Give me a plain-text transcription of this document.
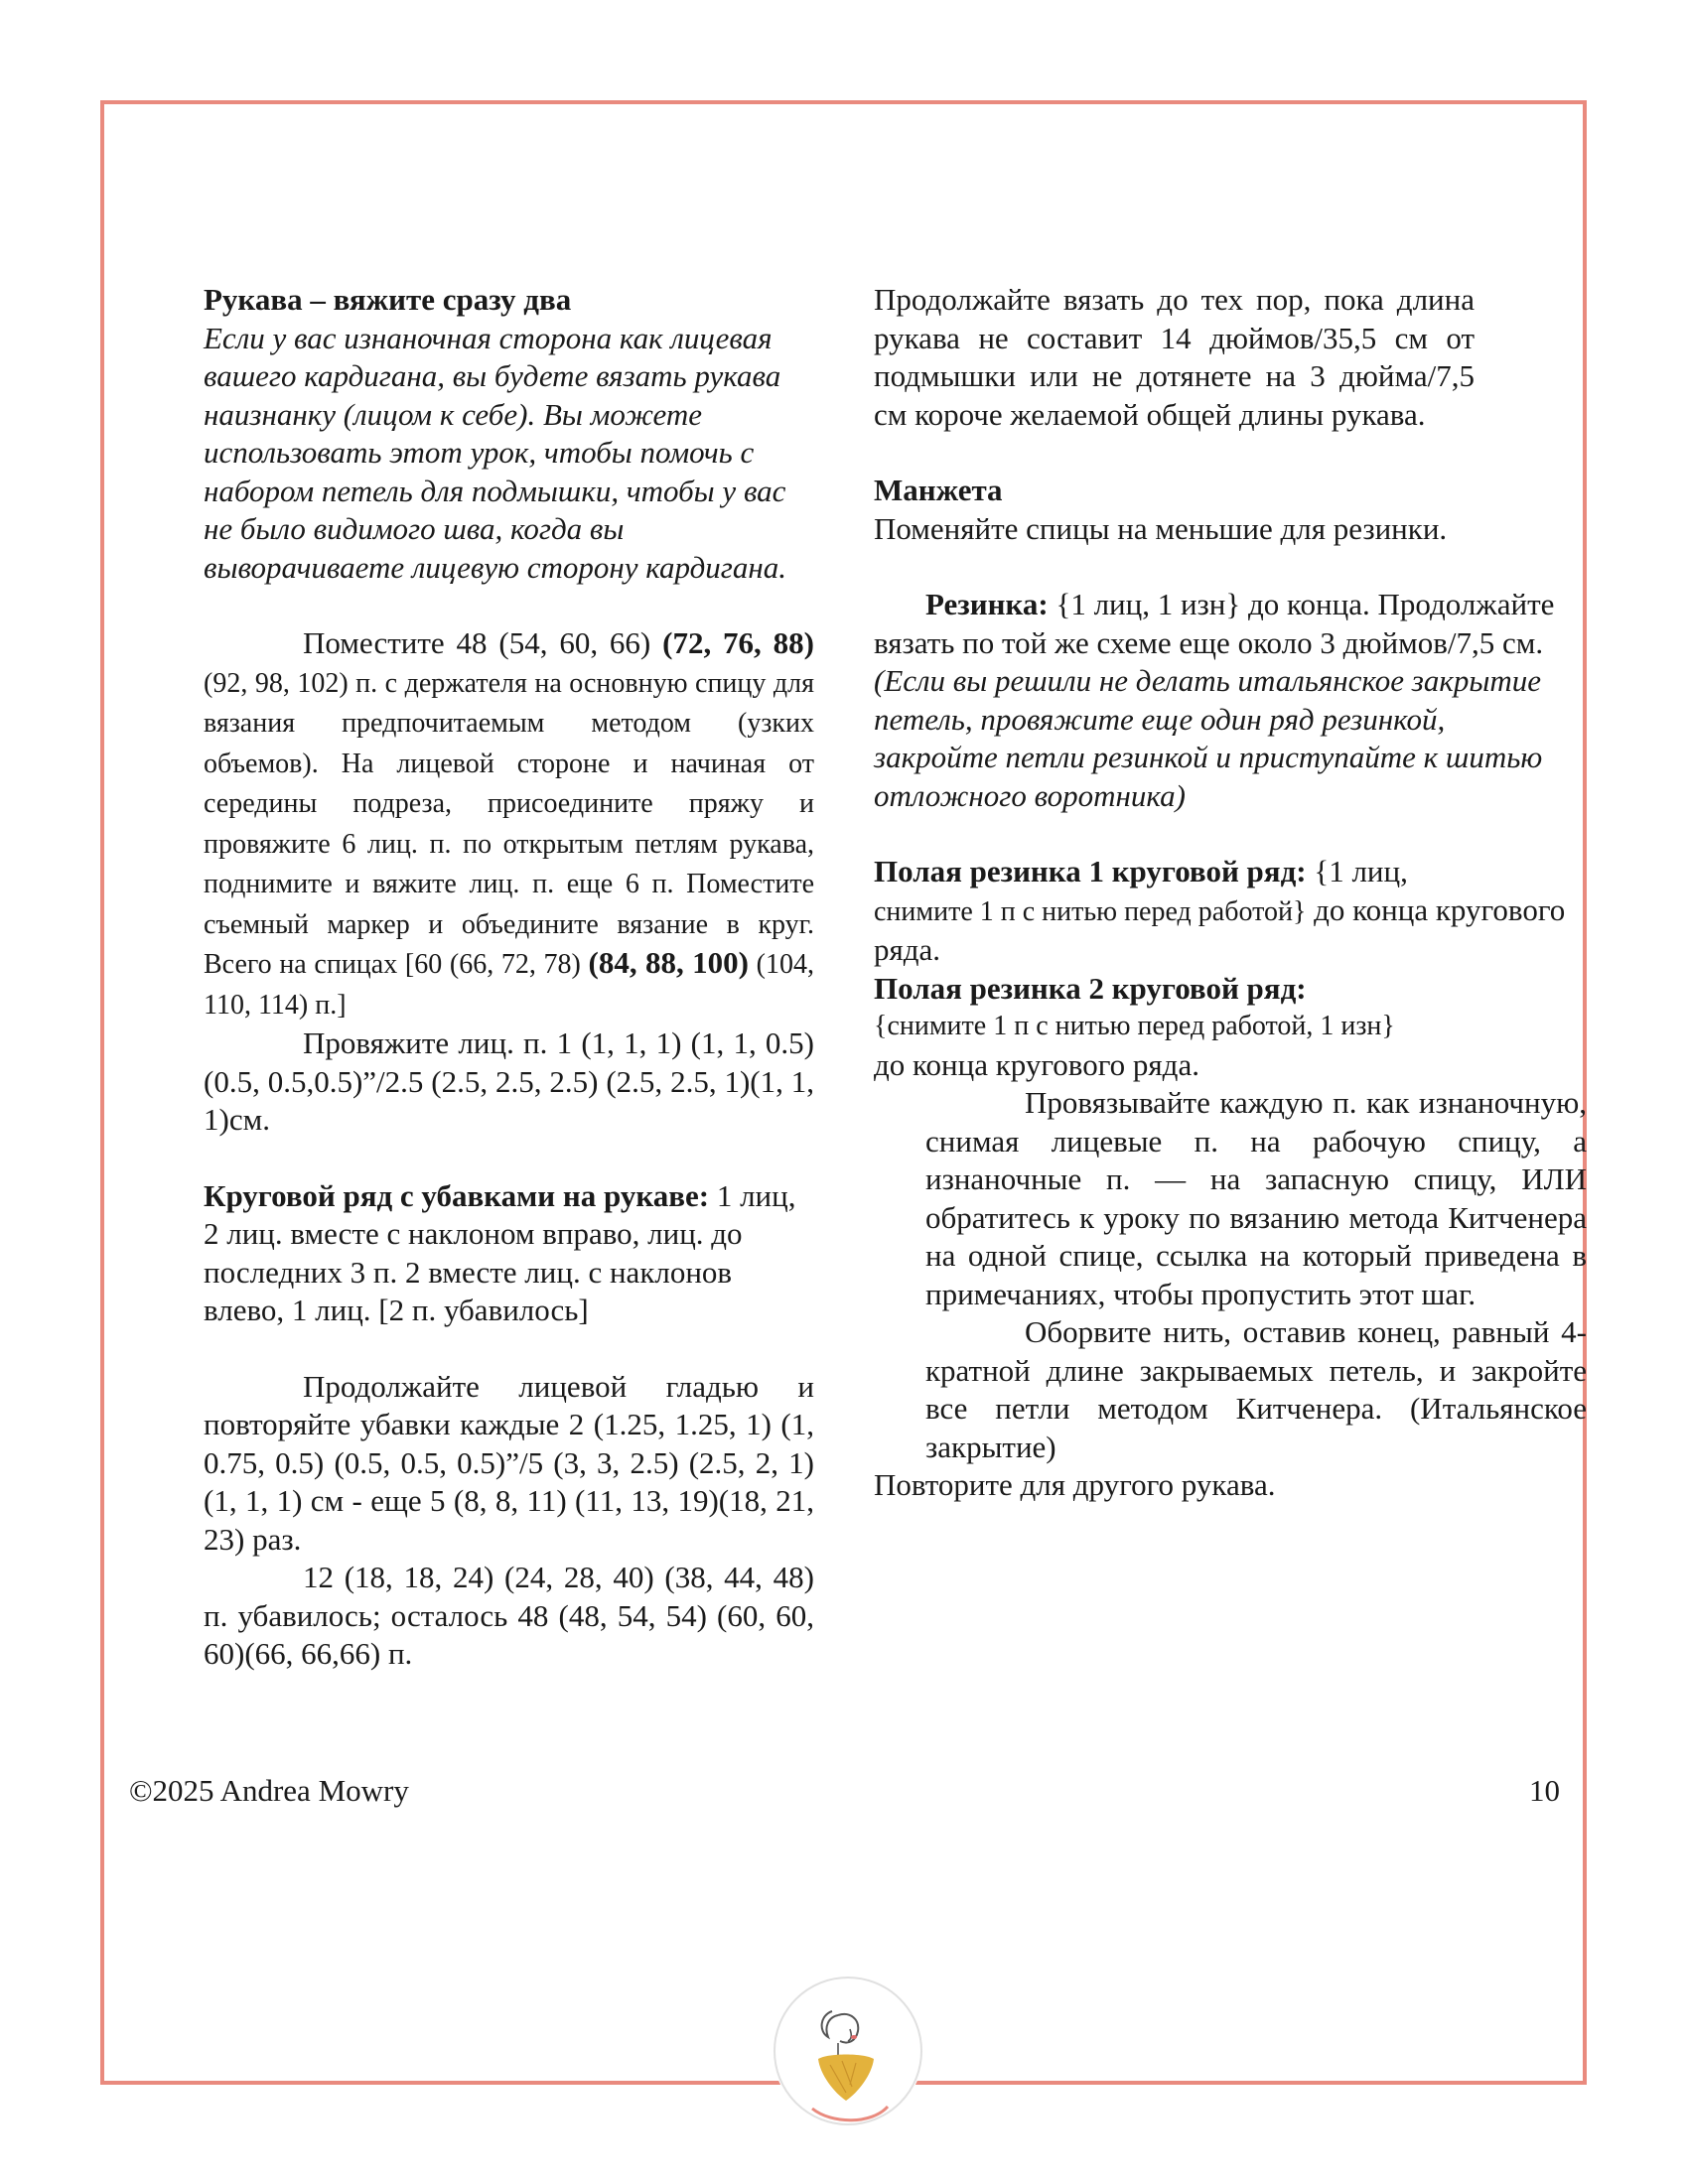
Рукава – вяжите сразу два

Если у вас изнаночная сторона как лицевая вашего кардигана, вы будете вязать рукава наизнанку (лицом к себе). Вы можете использовать этот урок, чтобы помочь с набором петель для подмышки, чтобы у вас не было видимого шва, когда вы выворачиваете лицевую сторону кардигана.

Поместите 48 (54, 60, 66) (72, 76, 88) (92, 98, 102) п. с держателя на основную спицу для вязания предпочитаемым методом (узких объемов). На лицевой стороне и начиная от середины подреза, присоедините пряжу и провяжите 6 лиц. п. по открытым петлям рукава, поднимите и вяжите лиц. п. еще 6 п. Поместите съемный маркер и объедините вязание в круг. Всего на спицах [60 (66, 72, 78) (84, 88, 100) (104, 110, 114) п.]

Провяжите лиц. п. 1 (1, 1, 1) (1, 1, 0.5) (0.5, 0.5,0.5)”/2.5 (2.5, 2.5, 2.5) (2.5, 2.5, 1)(1, 1, 1)см.

Круговой ряд с убавками на рукаве: 1 лиц, 2 лиц. вместе с наклоном вправо, лиц. до последних 3 п. 2 вместе лиц. с наклонов влево, 1 лиц. [2 п. убавилось]

Продолжайте лицевой гладью и повторяйте убавки каждые 2 (1.25, 1.25, 1) (1, 0.75, 0.5) (0.5, 0.5, 0.5)”/5 (3, 3, 2.5) (2.5, 2, 1) (1, 1, 1) см - еще 5 (8, 8, 11) (11, 13, 19)(18, 21, 23) раз.

12 (18, 18, 24) (24, 28, 40) (38, 44, 48) п. убавилось; осталось 48 (48, 54, 54) (60, 60, 60)(66, 66,66) п.

Продолжайте вязать до тех пор, пока длина рукава не составит 14 дюймов/35,5 см от подмышки или не дотянете на 3 дюйма/7,5 см короче желаемой общей длины рукава.

Манжета

Поменяйте спицы на меньшие для резинки.

Резинка: {1 лиц, 1 изн} до конца. Продолжайте вязать по той же схеме еще около 3 дюймов/7,5 см.

(Если вы решили не делать итальянское закрытие петель, провяжите еще один ряд резинкой, закройте петли резинкой и приступайте к шитью отложного воротника)

Полая резинка 1 круговой ряд: {1 лиц,
снимите 1 п с нитью перед работой} до конца кругового ряда.

Полая резинка 2 круговой ряд:

{снимите 1 п с нитью перед работой, 1 изн}

до конца кругового ряда.

Провязывайте каждую п. как изнаночную, снимая лицевые п. на рабочую спицу, а изнаночные п. — на запасную спицу, ИЛИ обратитесь к уроку по вязанию метода Китченера на одной спице, ссылка на который приведена в примечаниях, чтобы пропустить этот шаг.

Оборвите нить, оставив конец, равный 4-кратной длине закрываемых петель, и закройте все петли методом Китченера. (Итальянское закрытие)

Повторите для другого рукава.

©2025 Andrea Mowry	10
